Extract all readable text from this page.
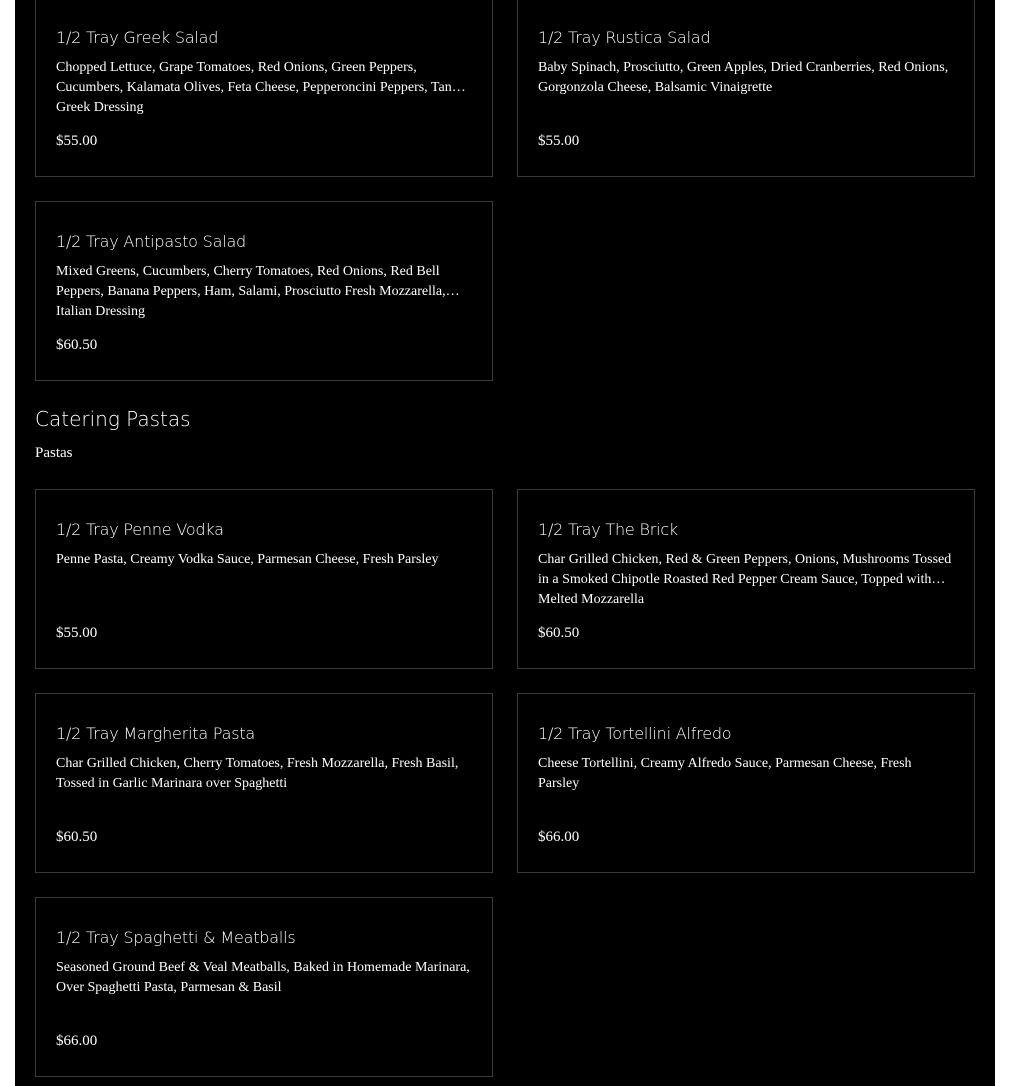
1/2 Tray Greek Salad
Chopped Lettuce, Grape Tomatoes, Red Onions, Green Peppers, Cucumbers, Kalamata Olives, Feta Cheese, Pepperoncini Peppers, Tangy Greek Dressing
$55.00
1/2 Tray Rustica Salad
Baby Spinach, Prosciutto, Green Apples, Dried Cranberries, Red Onions, Gorgonzola Cheese, Balsamic Vinaigrette
$55.00
1/2 Tray Antipasto Salad
Mixed Greens, Cucumbers, Cherry Tomatoes, Red Onions, Red Bell Peppers, Banana Peppers, Ham, Salami, Prosciutto Fresh Mozzarella, Italian Dressing
$60.50
Catering Pastas
Pastas
1/2 Tray Penne Vodka
Penne Pasta, Creamy Vodka Sauce, Parmesan Cheese, Fresh Parsley
$55.00
1/2 Tray The Brick
Char Grilled Chicken, Red & Green Peppers, Onions, Mushrooms Tossed in a Smoked Chipotle Roasted Red Pepper Cream Sauce, Topped with Melted Mozzarella
$60.50
1/2 Tray Margherita Pasta
Char Grilled Chicken, Cherry Tomatoes, Fresh Mozzarella, Fresh Basil, Tossed in Garlic Marinara over Spaghetti
$60.50
1/2 Tray Tortellini Alfredo
Cheese Tortellini, Creamy Alfredo Sauce, Parmesan Cheese, Fresh Parsley
$66.00
1/2 Tray Spaghetti & Meatballs
Seasoned Ground Beef & Veal Meatballs, Baked in Homemade Marinara, Over Spaghetti Pasta, Parmesan & Basil
$66.00
